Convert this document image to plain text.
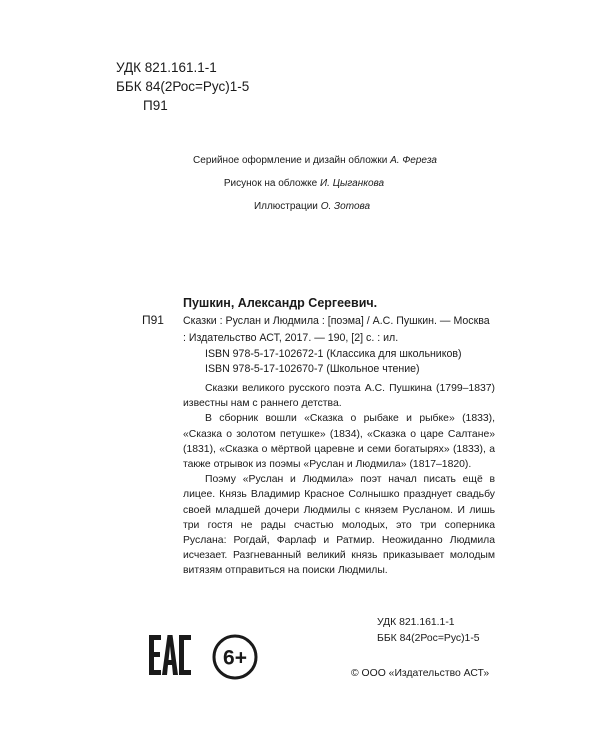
УДК 821.161.1-1
ББК 84(2Рос=Рус)1-5
П91
Серийное оформление и дизайн обложки А. Фереза
Рисунок на обложке И. Цыганкова
Иллюстрации О. Зотова
Пушкин, Александр Сергеевич.
П91 Сказки : Руслан и Людмила : [поэма] / А.С. Пушкин. — Москва : Издательство АСТ, 2017. — 190, [2] с. : ил.
ISBN 978-5-17-102672-1 (Классика для школьников)
ISBN 978-5-17-102670-7 (Школьное чтение)

Сказки великого русского поэта А.С. Пушкина (1799–1837) известны нам с раннего детства.

В сборник вошли «Сказка о рыбаке и рыбке» (1833), «Сказка о золотом петушке» (1834), «Сказка о царе Салтане» (1831), «Сказка о мёртвой царевне и семи богатырях» (1833), а также отрывок из поэмы «Руслан и Людмила» (1817–1820).

Поэму «Руслан и Людмила» поэт начал писать ещё в лицее. Князь Владимир Красное Солнышко празднует свадьбу своей младшей дочери Людмилы с князем Русланом. И лишь три гостя не рады счастью молодых, это три соперника Руслана: Рогдай, Фарлаф и Ратмир. Неожиданно Людмила исчезает. Разгневанный великий князь приказывает молодым витязям отправиться на поиски Людмилы.

УДК 821.161.1-1
ББК 84(2Рос=Рус)1-5
6+
© ООО «Издательство АСТ»
